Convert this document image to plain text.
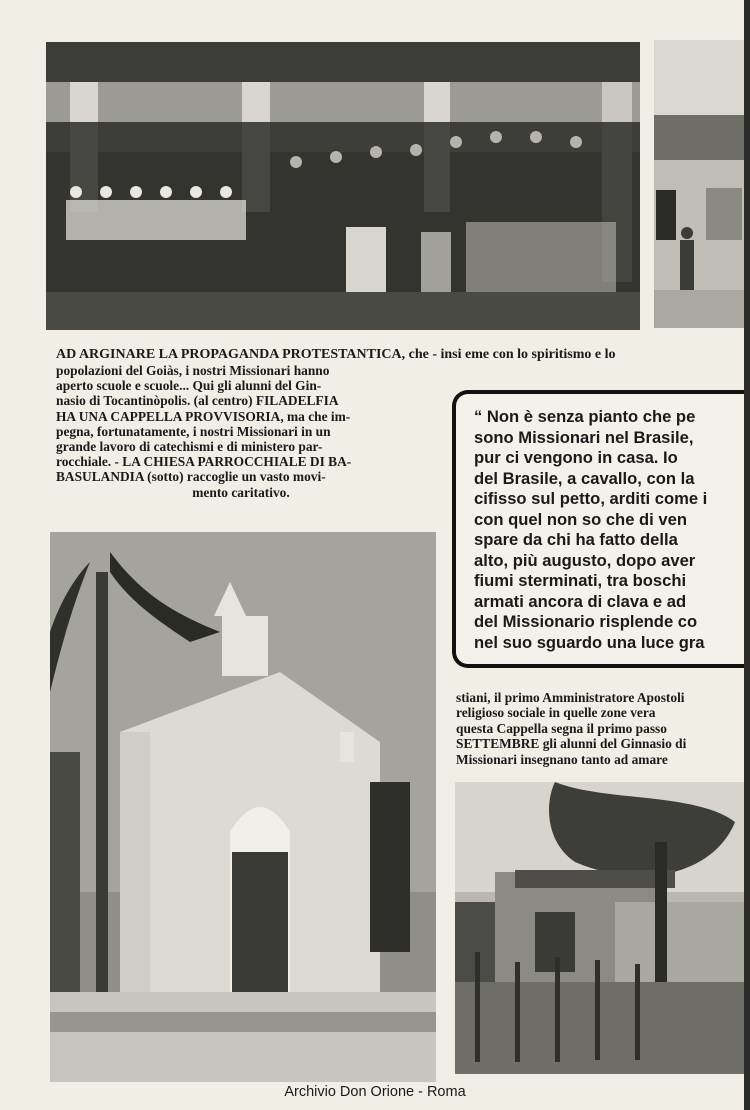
AD ARGINARE LA PROPAGANDA PROTESTANTICA, che - insi eme con lo spiritismo e lo
popolazioni del Goiàs, i nostri Missionari hanno
aperto scuole e scuole... Qui gli alunni del Gin-
nasio di Tocantinòpolis. (al centro) FILADELFIA
HA UNA CAPPELLA PROVVISORIA, ma che im-
pegna, fortunatamente, i nostri Missionari in un
grande lavoro di catechismi e di ministero par-
rocchiale. - LA CHIESA PARROCCHIALE DI BA-
BASULANDIA (sotto) raccoglie un vasto movi-
mento caritativo.
“ Non è senza pianto che pe
sono Missionari nel Brasile,
pur ci vengono in casa. Io
del Brasile, a cavallo, con la
cifisso sul petto, arditi come i
con quel non so che di ven
spare da chi ha fatto della
alto, più augusto, dopo aver
fiumi sterminati, tra boschi
armati ancora di clava e ad
del Missionario risplende co
nel suo sguardo una luce gra
stiani, il primo Amministratore Apostoli
religioso sociale in quelle zone vera
questa Cappella segna il primo passo
SETTEMBRE gli alunni del Ginnasio di
Missionari insegnano tanto ad amare
Archivio Don Orione - Roma
